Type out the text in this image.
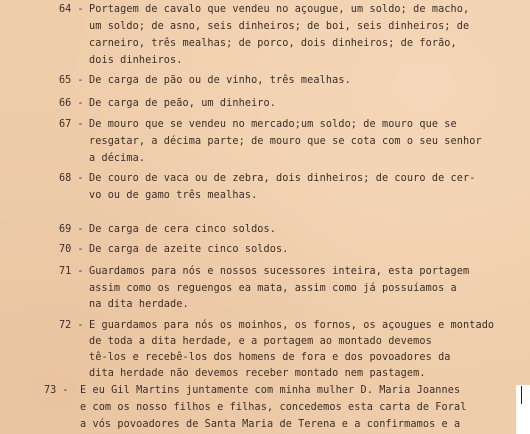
64 - Portagem de cavalo que vendeu no açougue, um soldo; de macho,
um soldo; de asno, seis dinheiros; de boi, seis dinheiros; de
carneiro, três mealhas; de porco, dois dinheiros; de forão,
dois dinheiros.
65 - De carga de pão ou de vinho, três mealhas.
66 - De carga de peão, um dinheiro.
67 - De mouro que se vendeu no mercado;um soldo; de mouro que se
resgatar, a décima parte; de mouro que se cota com o seu senhor
a décima.
68 - De couro de vaca ou de zebra, dois dinheiros; de couro de cer-
vo ou de gamo três mealhas.
69 - De carga de cera cinco soldos.
70 - De carga de azeite cinco soldos.
71 - Guardamos para nós e nossos sucessores inteira, esta portagem
assim como os reguengos ea mata, assim como já possuíamos a
na dita herdade.
72 - E guardamos para nós os moinhos, os fornos, os açougues e montado
de toda a dita herdade, e a portagem ao montado devemos
tê-los e recebê-los dos homens de fora e dos povoadores da
dita herdade não devemos receber montado nem pastagem.
73 - E eu Gil Martins juntamente com minha mulher D. Maria Joannes
e com os nosso filhos e filhas, concedemos esta carta de Foral
a vós povoadores de Santa Maria de Terena e a confirmamos e a
